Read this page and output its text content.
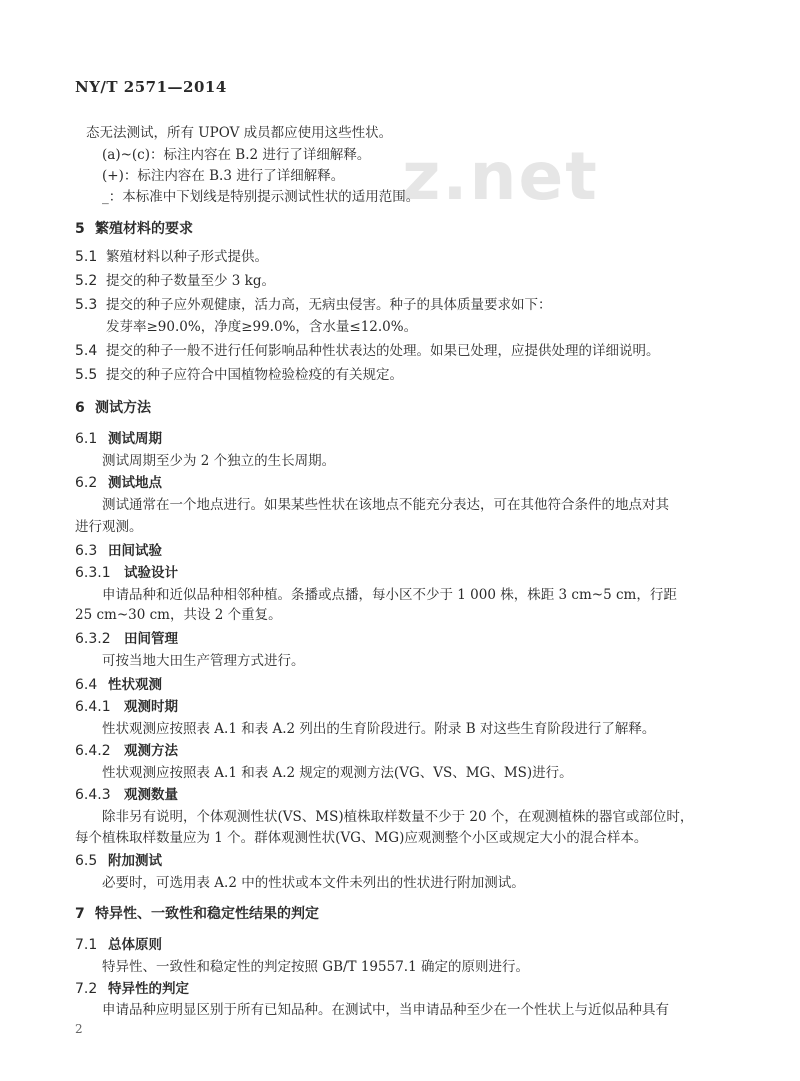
z.net
NY/T 2571—2014
态无法测试，所有 UPOV 成员都应使用这些性状。
(a)~(c)：标注内容在 B.2 进行了详细解释。
(+)：标注内容在 B.3 进行了详细解释。
_：本标准中下划线是特别提示测试性状的适用范围。
5 繁殖材料的要求
5.1 繁殖材料以种子形式提供。
5.2 提交的种子数量至少 3 kg。
5.3 提交的种子应外观健康，活力高，无病虫侵害。种子的具体质量要求如下：
发芽率≥90.0%，净度≥99.0%，含水量≤12.0%。
5.4 提交的种子一般不进行任何影响品种性状表达的处理。如果已处理，应提供处理的详细说明。
5.5 提交的种子应符合中国植物检验检疫的有关规定。
6 测试方法
6.1 测试周期
测试周期至少为 2 个独立的生长周期。
6.2 测试地点
测试通常在一个地点进行。如果某些性状在该地点不能充分表达，可在其他符合条件的地点对其
进行观测。
6.3 田间试验
6.3.1 试验设计
申请品种和近似品种相邻种植。条播或点播，每小区不少于 1 000 株，株距 3 cm~5 cm，行距
25 cm~30 cm，共设 2 个重复。
6.3.2 田间管理
可按当地大田生产管理方式进行。
6.4 性状观测
6.4.1 观测时期
性状观测应按照表 A.1 和表 A.2 列出的生育阶段进行。附录 B 对这些生育阶段进行了解释。
6.4.2 观测方法
性状观测应按照表 A.1 和表 A.2 规定的观测方法(VG、VS、MG、MS)进行。
6.4.3 观测数量
除非另有说明，个体观测性状(VS、MS)植株取样数量不少于 20 个，在观测植株的器官或部位时，
每个植株取样数量应为 1 个。群体观测性状(VG、MG)应观测整个小区或规定大小的混合样本。
6.5 附加测试
必要时，可选用表 A.2 中的性状或本文件未列出的性状进行附加测试。
7 特异性、一致性和稳定性结果的判定
7.1 总体原则
特异性、一致性和稳定性的判定按照 GB/T 19557.1 确定的原则进行。
7.2 特异性的判定
申请品种应明显区别于所有已知品种。在测试中，当申请品种至少在一个性状上与近似品种具有
2
